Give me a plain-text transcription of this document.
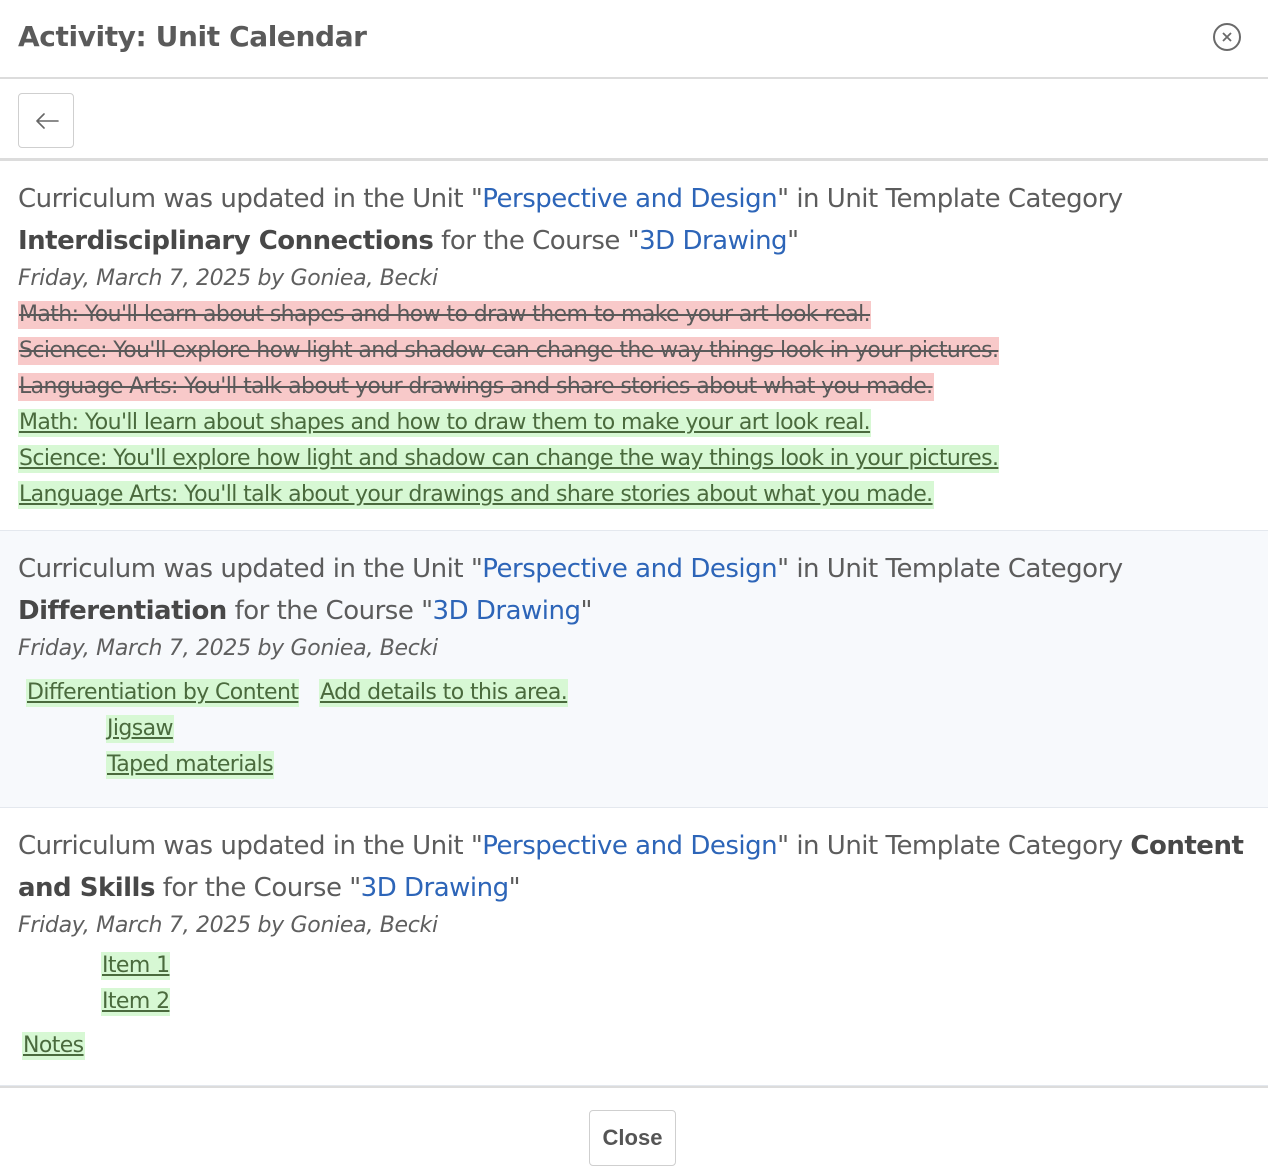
Activity: Unit Calendar
Curriculum was updated in the Unit "Perspective and Design" in Unit Template Category Interdisciplinary Connections for the Course "3D Drawing"
Friday, March 7, 2025 by Goniea, Becki
Math: You'll learn about shapes and how to draw them to make your art look real.
Science: You'll explore how light and shadow can change the way things look in your pictures.
Language Arts: You'll talk about your drawings and share stories about what you made.
Math: You'll learn about shapes and how to draw them to make your art look real.
Science: You'll explore how light and shadow can change the way things look in your pictures.
Language Arts: You'll talk about your drawings and share stories about what you made.
Curriculum was updated in the Unit "Perspective and Design" in Unit Template Category Differentiation for the Course "3D Drawing"
Friday, March 7, 2025 by Goniea, Becki
Differentiation by Content Add details to this area.
Jigsaw
Taped materials
Curriculum was updated in the Unit "Perspective and Design" in Unit Template Category Content and Skills for the Course "3D Drawing"
Friday, March 7, 2025 by Goniea, Becki
Item 1
Item 2
Notes
Close
